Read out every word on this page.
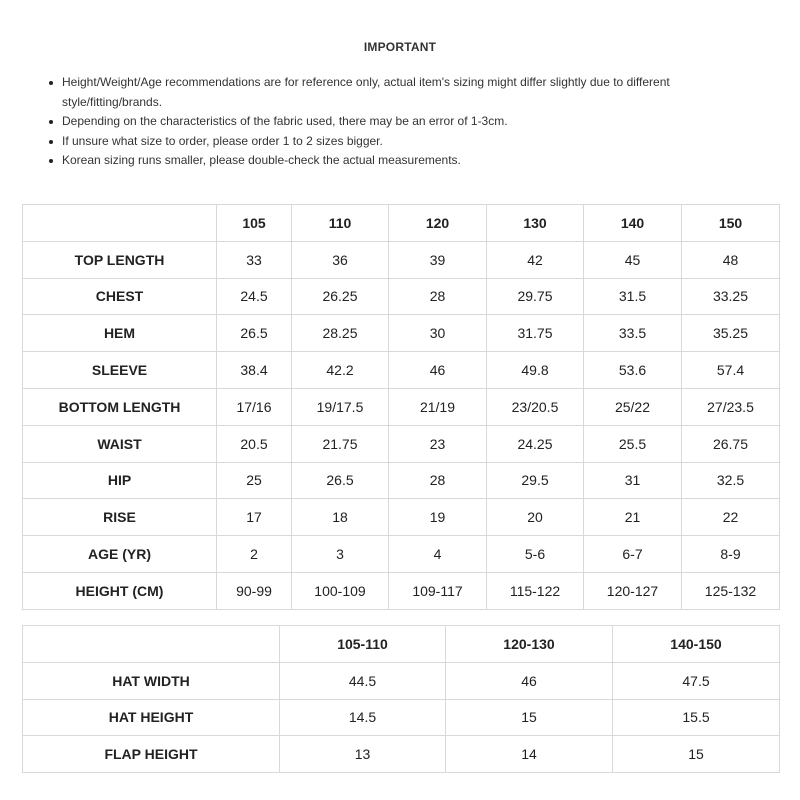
IMPORTANT
Height/Weight/Age recommendations are for reference only, actual item's sizing might differ slightly due to different style/fitting/brands.
Depending on the characteristics of the fabric used, there may be an error of 1-3cm.
If unsure what size to order, please order 1 to 2 sizes bigger.
Korean sizing runs smaller, please double-check the actual measurements.
	105	110	120	130	140	150
TOP LENGTH	33	36	39	42	45	48
CHEST	24.5	26.25	28	29.75	31.5	33.25
HEM	26.5	28.25	30	31.75	33.5	35.25
SLEEVE	38.4	42.2	46	49.8	53.6	57.4
BOTTOM LENGTH	17/16	19/17.5	21/19	23/20.5	25/22	27/23.5
WAIST	20.5	21.75	23	24.25	25.5	26.75
HIP	25	26.5	28	29.5	31	32.5
RISE	17	18	19	20	21	22
AGE (YR)	2	3	4	5-6	6-7	8-9
HEIGHT (CM)	90-99	100-109	109-117	115-122	120-127	125-132
	105-110	120-130	140-150
HAT WIDTH	44.5	46	47.5
HAT HEIGHT	14.5	15	15.5
FLAP HEIGHT	13	14	15
